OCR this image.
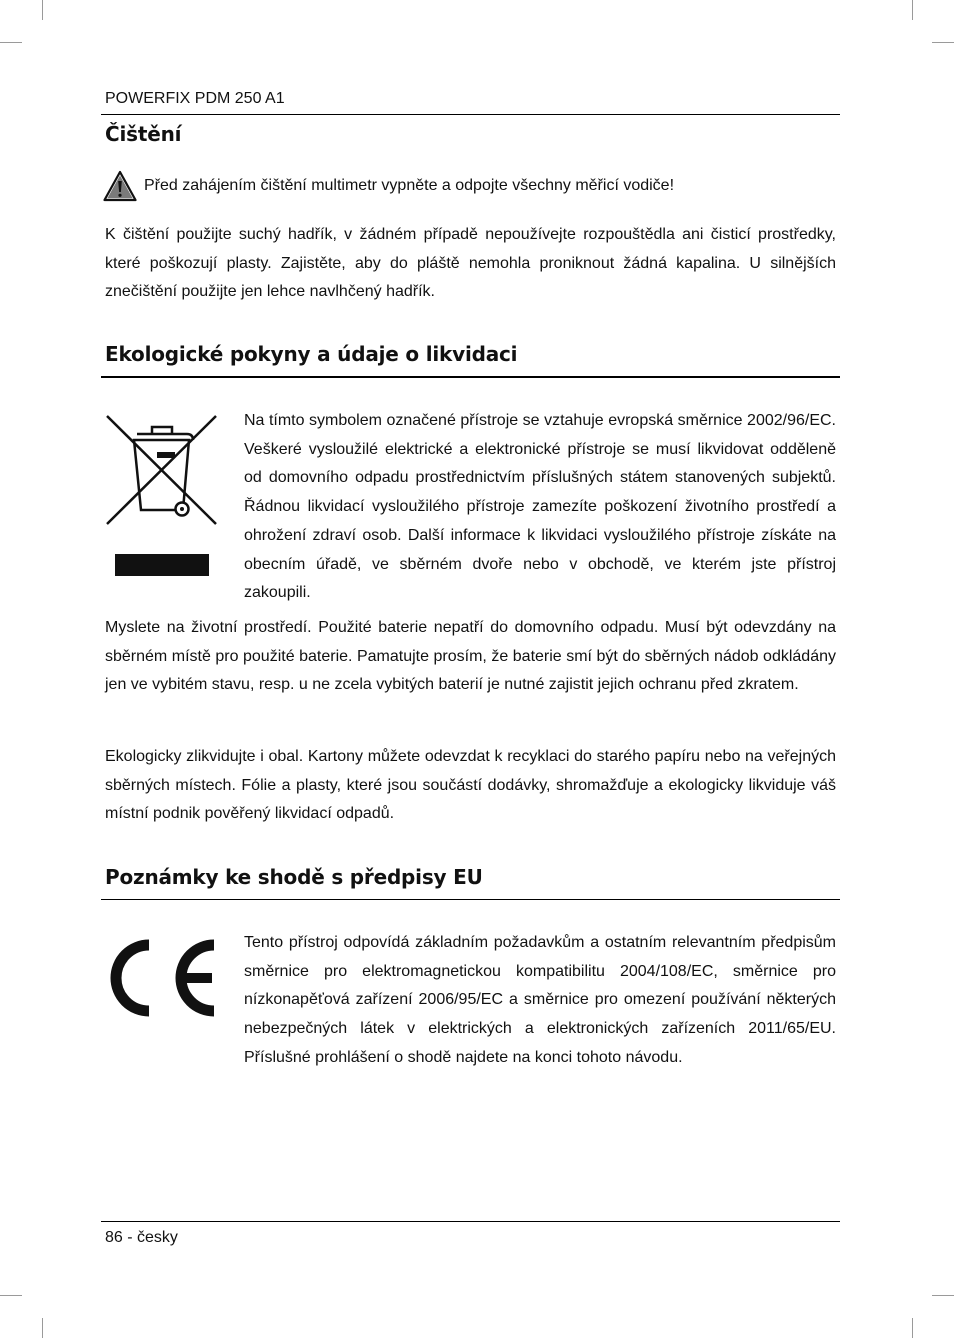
POWERFIX PDM 250 A1
Čištění
Před zahájením čištění multimetr vypněte a odpojte všechny měřicí vodiče!

K čištění použijte suchý hadřík, v žádném případě nepoužívejte rozpouštědla ani čisticí prostředky, které poškozují plasty. Zajistěte, aby do pláště nemohla proniknout žádná kapalina. U silnějších znečištění použijte jen lehce navlhčený hadřík.

Ekologické pokyny a údaje o likvidaci

Na tímto symbolem označené přístroje se vztahuje evropská směrnice 2002/96/EC. Veškeré vysloužilé elektrické a elektronické přístroje se musí likvidovat odděleně od domovního odpadu prostřednictvím příslušných státem stanovených subjektů. Řádnou likvidací vysloužilého přístroje zamezíte poškození životního prostředí a ohrožení zdraví osob. Další informace k likvidaci vysloužilého přístroje získáte na obecním úřadě, ve sběrném dvoře nebo v obchodě, ve kterém jste přístroj zakoupili.

Myslete na životní prostředí. Použité baterie nepatří do domovního odpadu. Musí být odevzdány na sběrném místě pro použité baterie. Pamatujte prosím, že baterie smí být do sběrných nádob odkládány jen ve vybitém stavu, resp. u ne zcela vybitých baterií je nutné zajistit jejich ochranu před zkratem.

Ekologicky zlikvidujte i obal. Kartony můžete odevzdat k recyklaci do starého papíru nebo na veřejných sběrných místech. Fólie a plasty, které jsou součástí dodávky, shromažďuje a ekologicky likviduje váš místní podnik pověřený likvidací odpadů.

Poznámky ke shodě s předpisy EU

Tento přístroj odpovídá základním požadavkům a ostatním relevantním předpisům směrnice pro elektromagnetickou kompatibilitu 2004/108/EC, směrnice pro nízkonapěťová zařízení 2006/95/EC a směrnice pro omezení používání některých nebezpečných látek v elektrických a elektronických zařízeních 2011/65/EU. Příslušné prohlášení o shodě najdete na konci tohoto návodu.

86 - česky
